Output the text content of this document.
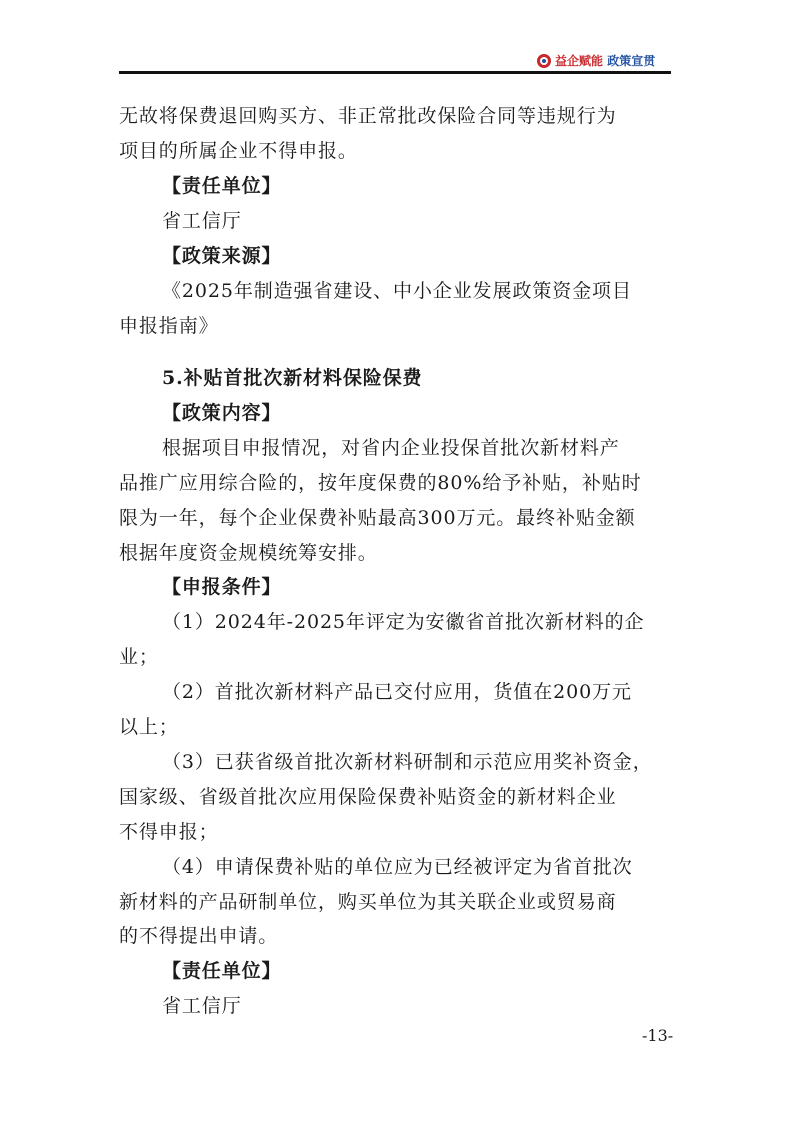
益企赋能 政策宣贯
无故将保费退回购买方、非正常批改保险合同等违规行为
项目的所属企业不得申报。
【责任单位】
省工信厅
【政策来源】
《2025年制造强省建设、中小企业发展政策资金项目
申报指南》
5.补贴首批次新材料保险保费
【政策内容】
根据项目申报情况，对省内企业投保首批次新材料产
品推广应用综合险的，按年度保费的80%给予补贴，补贴时
限为一年，每个企业保费补贴最高300万元。最终补贴金额
根据年度资金规模统筹安排。
【申报条件】
（1）2024年-2025年评定为安徽省首批次新材料的企
业；
（2）首批次新材料产品已交付应用，货值在200万元
以上；
（3）已获省级首批次新材料研制和示范应用奖补资金，
国家级、省级首批次应用保险保费补贴资金的新材料企业
不得申报；
（4）申请保费补贴的单位应为已经被评定为省首批次
新材料的产品研制单位，购买单位为其关联企业或贸易商
的不得提出申请。
【责任单位】
省工信厅
-13-
